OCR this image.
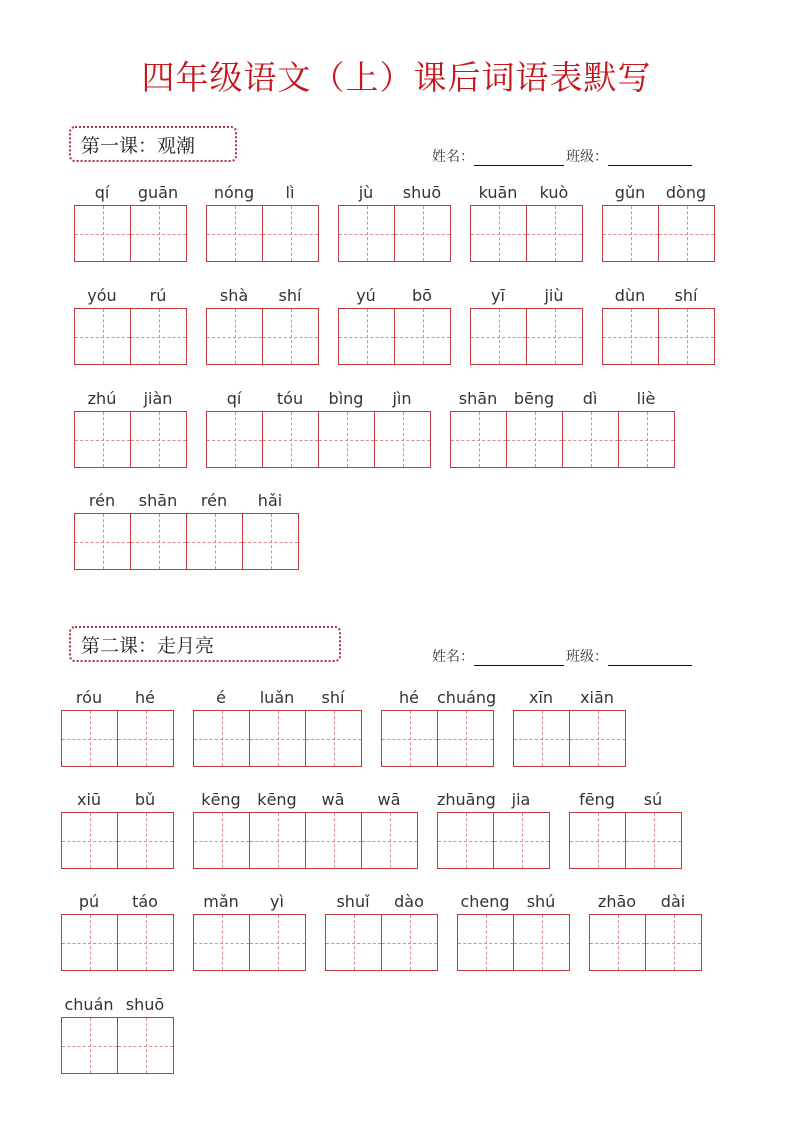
四年级语文（上）课后词语表默写
第一课：观潮
姓名：	班级：
第二课：走月亮
姓名：	班级：
qí	guān	nóng	lì	jù	shuō	kuān	kuò	gǔn	dòng
yóu	rú	shà	shí	yú	bō	yī	jiù	dùn	shí
zhú	jiàn	qí	tóu	bìng	jìn	shān	bēng	dì	liè
rén	shān	rén	hǎi
róu	hé	é	luǎn	shí	hé	chuáng	xīn	xiān
xiū	bǔ	kēng	kēng	wā	wā	zhuāng jia	fēng	sú
pú	táo	mǎn	yì	shuǐ	dào	cheng	shú	zhāo	dài
chuán shuō
